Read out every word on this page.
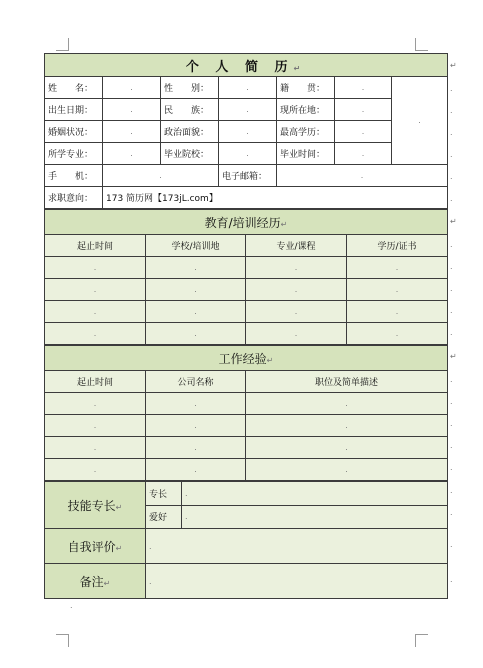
个 人 简 历↵						
姓　　名：	.	性　　别：	.	籍　　贯：	.	.
出生日期：	.	民　　族：	.	现所在地：	.	
婚姻状况：	.	政治面貌：	.	最高学历：	.	
所学专业：	.	毕业院校：	.	毕业时间：	.	
手　　机：	.		电子邮箱：	.		
求职意向：	173 简历网【173jL.com】					
教育/培训经历↵			
起止时间	学校/培训地	专业/课程	学历/证书
.	.	.	.
.	.	.	.
.	.	.	.
.	.	.	.
工作经验↵		
起止时间	公司名称	职位及简单描述
.	.	.
.	.	.
.	.	.
.	.	.
技能专长↵	专长	.
	爱好	.
自我评价↵	.	
备注↵	.	
↵
.
.
.
.
.
.
↵
.
.
.
.
.
↵
.
.
.
.
.
.
.
.
.
.
